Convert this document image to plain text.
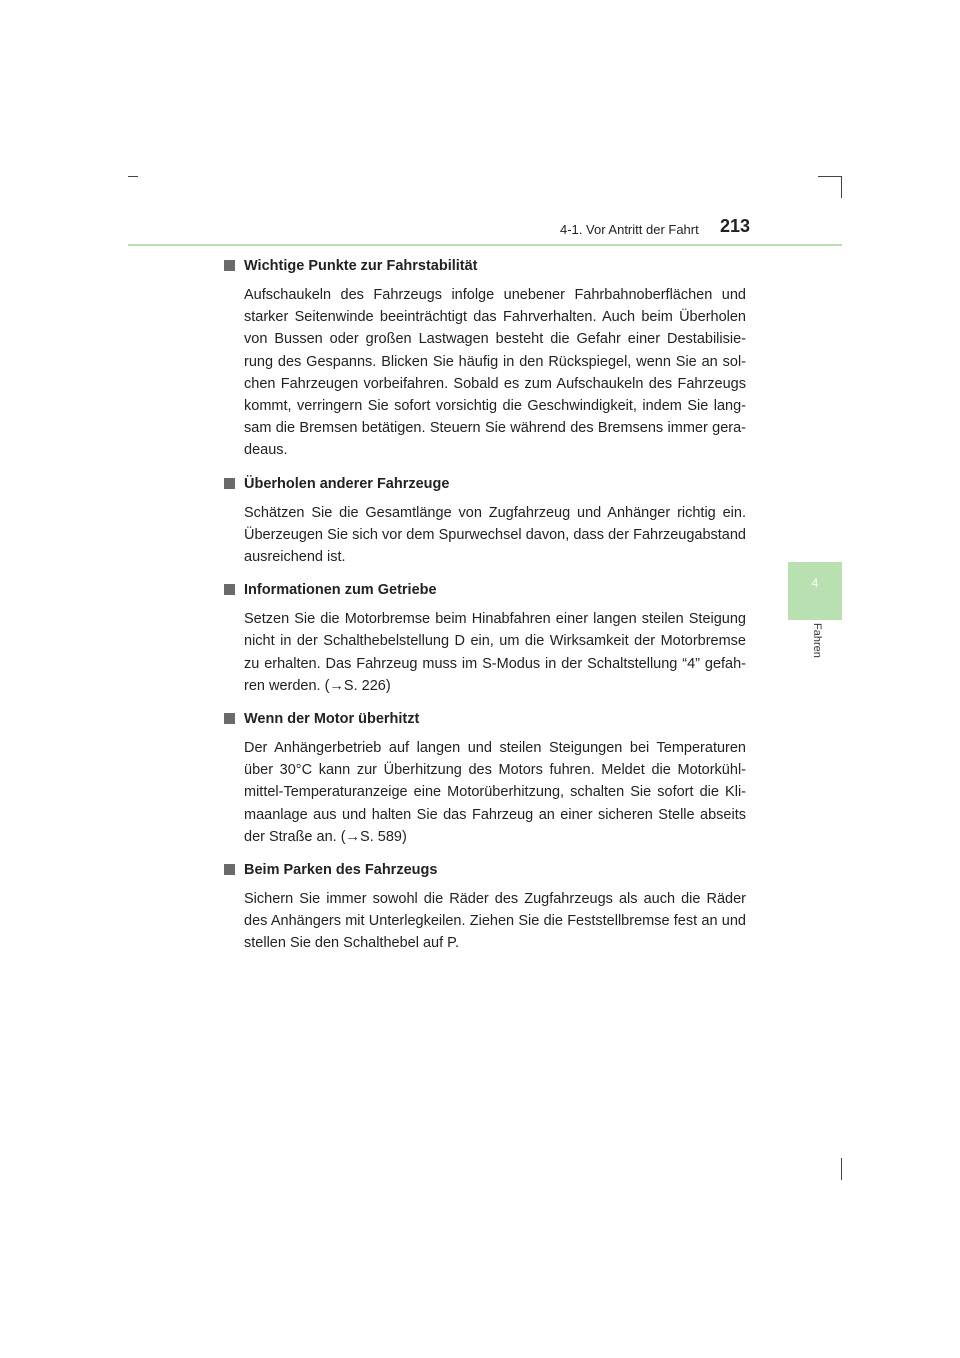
4-1. Vor Antritt der Fahrt 213
4
Fahren
Wichtige Punkte zur Fahrstabilität
Aufschaukeln des Fahrzeugs infolge unebener Fahrbahnoberflächen und starker Seitenwinde beeinträchtigt das Fahrverhalten. Auch beim Überholen von Bussen oder großen Lastwagen besteht die Gefahr einer Destabilisie-rung des Gespanns. Blicken Sie häufig in den Rückspiegel, wenn Sie an sol-chen Fahrzeugen vorbeifahren. Sobald es zum Aufschaukeln des Fahrzeugs kommt, verringern Sie sofort vorsichtig die Geschwindigkeit, indem Sie lang-sam die Bremsen betätigen. Steuern Sie während des Bremsens immer gera-deaus.
Überholen anderer Fahrzeuge
Schätzen Sie die Gesamtlänge von Zugfahrzeug und Anhänger richtig ein. Überzeugen Sie sich vor dem Spurwechsel davon, dass der Fahrzeugabstand ausreichend ist.
Informationen zum Getriebe
Setzen Sie die Motorbremse beim Hinabfahren einer langen steilen Steigung nicht in der Schalthebelstellung D ein, um die Wirksamkeit der Motorbremse zu erhalten. Das Fahrzeug muss im S-Modus in der Schaltstellung “4” gefah-ren werden. (→S. 226)
Wenn der Motor überhitzt
Der Anhängerbetrieb auf langen und steilen Steigungen bei Temperaturen über 30°C kann zur Überhitzung des Motors fuhren. Meldet die Motorkühl-mittel-Temperaturanzeige eine Motorüberhitzung, schalten Sie sofort die Kli-maanlage aus und halten Sie das Fahrzeug an einer sicheren Stelle abseits der Straße an. (→S. 589)
Beim Parken des Fahrzeugs
Sichern Sie immer sowohl die Räder des Zugfahrzeugs als auch die Räder des Anhängers mit Unterlegkeilen. Ziehen Sie die Feststellbremse fest an und stellen Sie den Schalthebel auf P.
